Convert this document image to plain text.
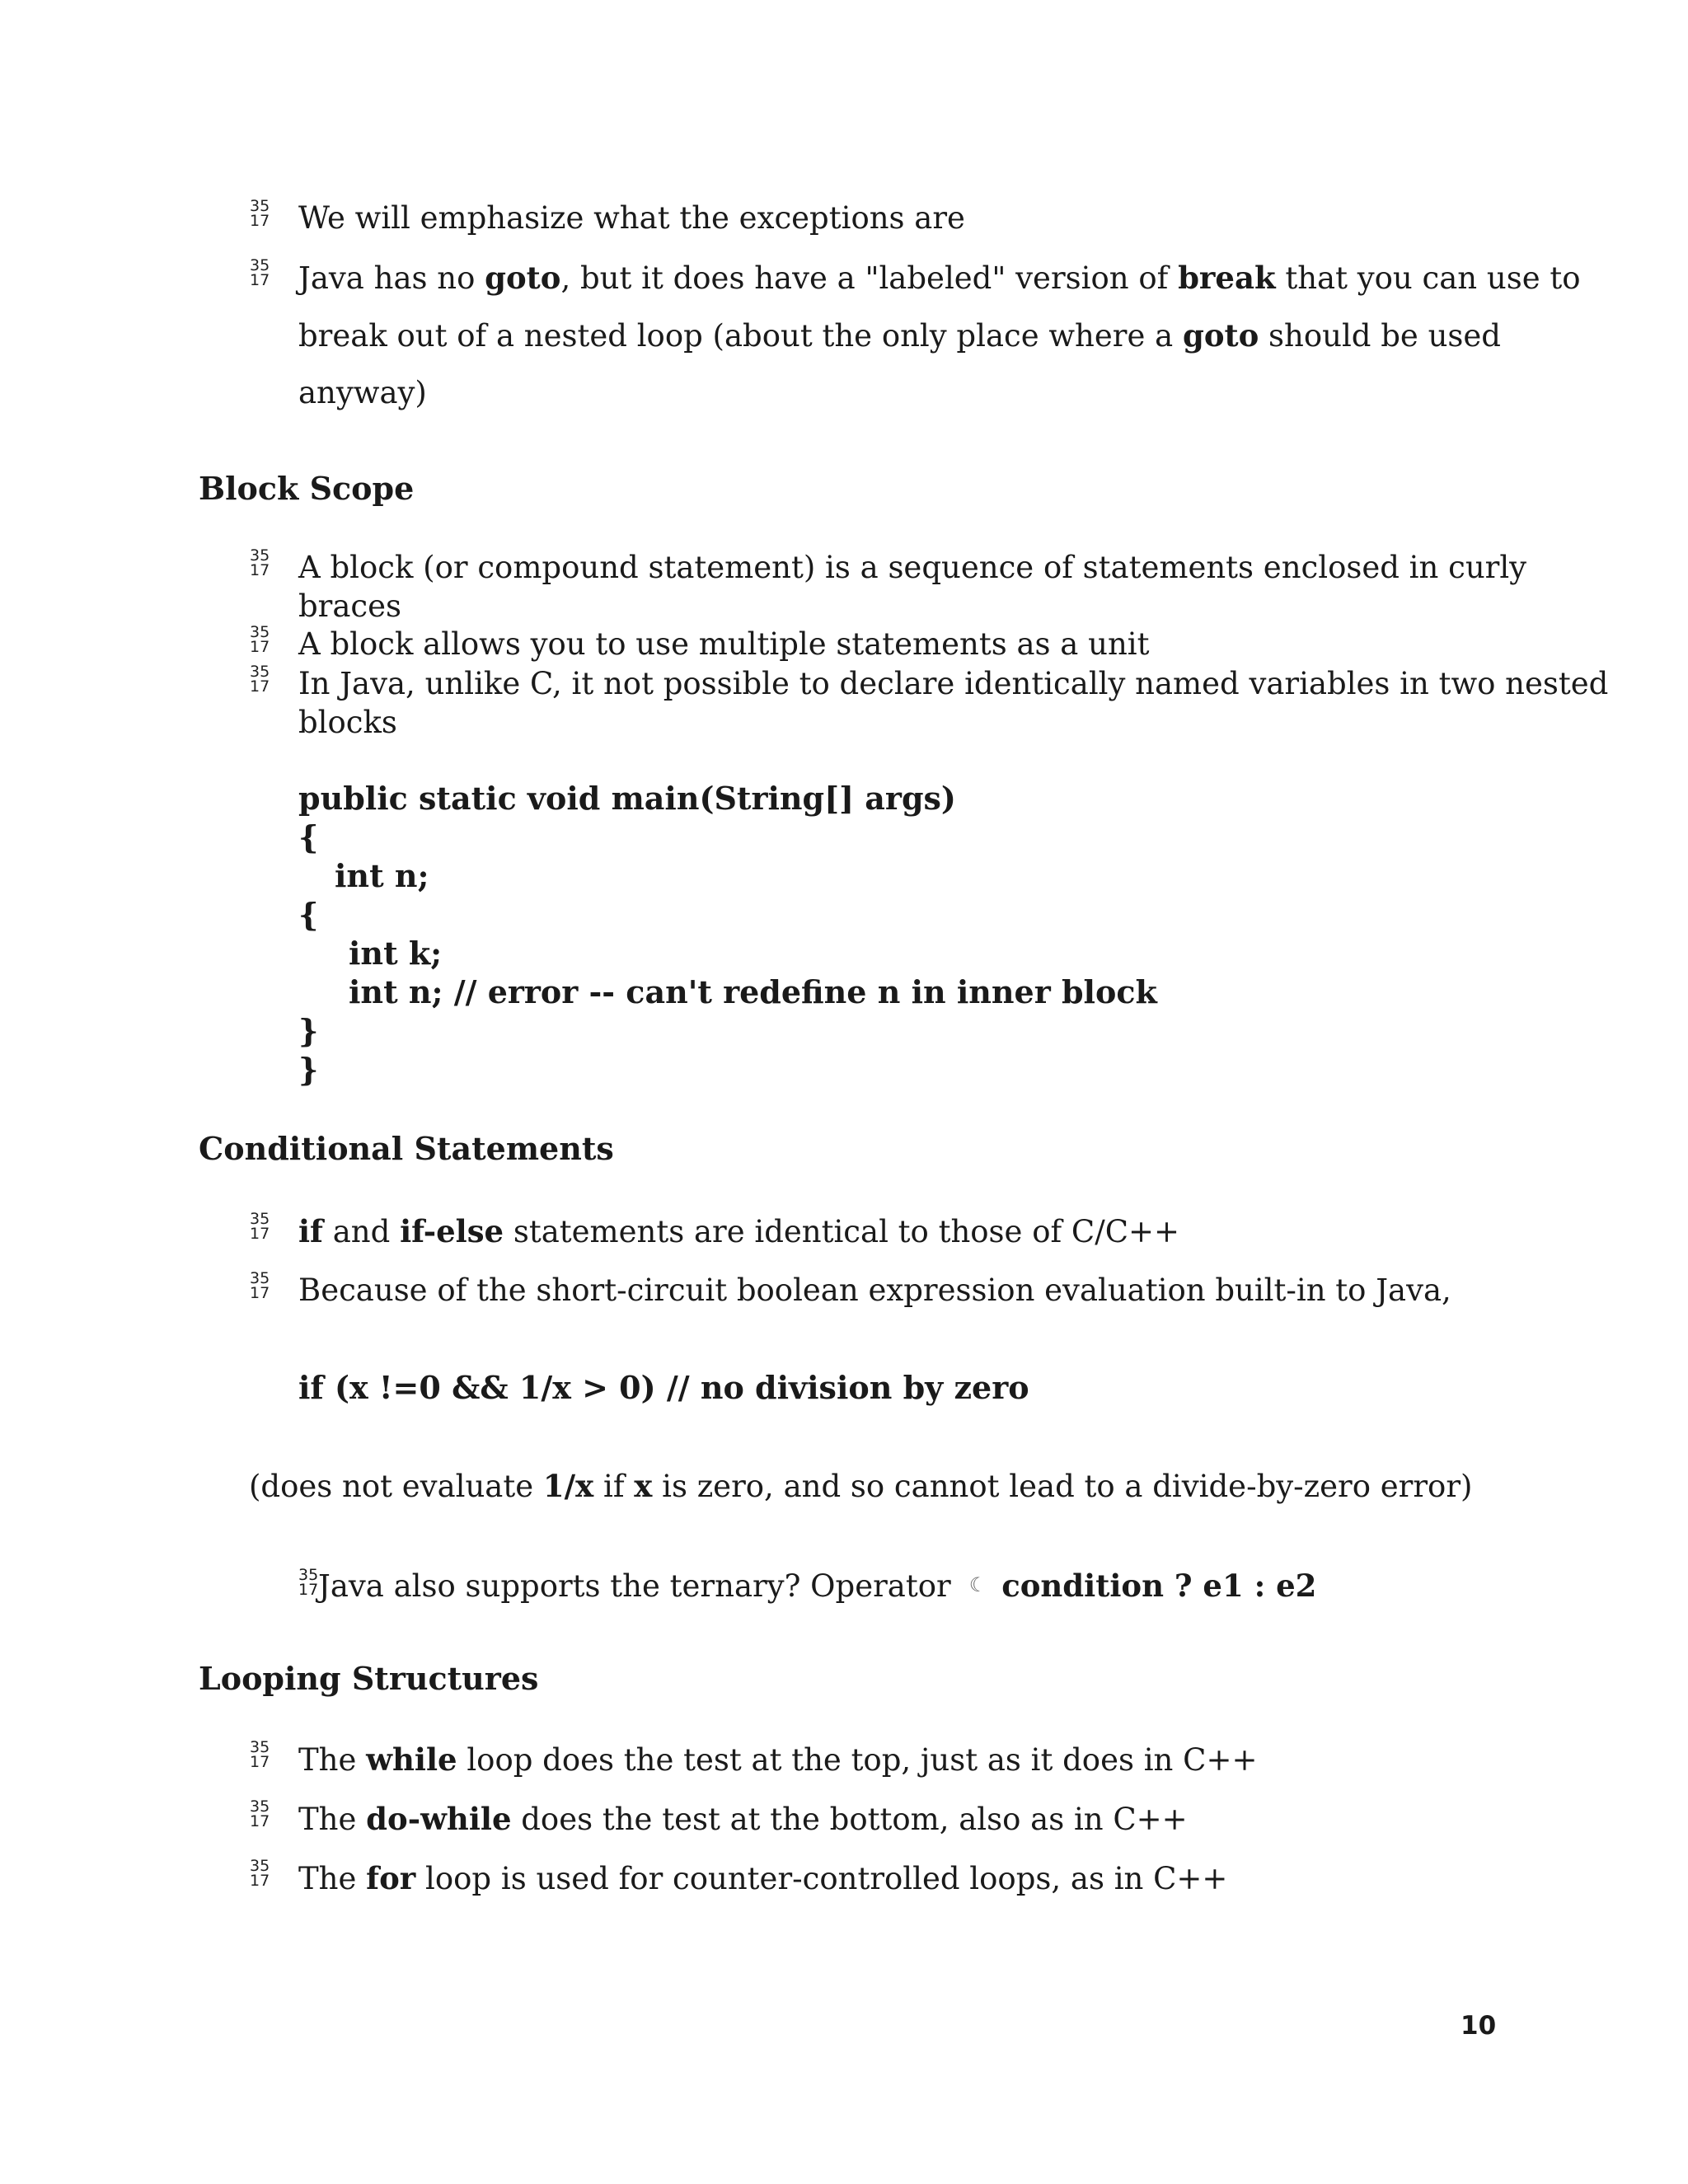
35
17 We will emphasize what the exceptions are
35
17 Java has no goto, but it does have a "labeled" version of break that you can use to
break out of a nested loop (about the only place where a goto should be used
anyway)
Block Scope
35
17 A block (or compound statement) is a sequence of statements enclosed in curly
braces
35
17 A block allows you to use multiple statements as a unit
35
17 In Java, unlike C, it not possible to declare identically named variables in two nested
blocks
public static void main(String[] args)
{
int n;
{
int k;
int n; // error -- can't redefine n in inner block
}
}
Conditional Statements
35
17 if and if-else statements are identical to those of C/C++
35
17 Because of the short-circuit boolean expression evaluation built-in to Java,
if (x !=0 && 1/x > 0) // no division by zero
(does not evaluate 1/x if x is zero, and so cannot lead to a divide-by-zero error)
35
17 Java also supports the ternary? Operator ☾ condition ? e1 : e2
Looping Structures
35
17 The while loop does the test at the top, just as it does in C++
35
17 The do-while does the test at the bottom, also as in C++
35
17 The for loop is used for counter-controlled loops, as in C++
10
